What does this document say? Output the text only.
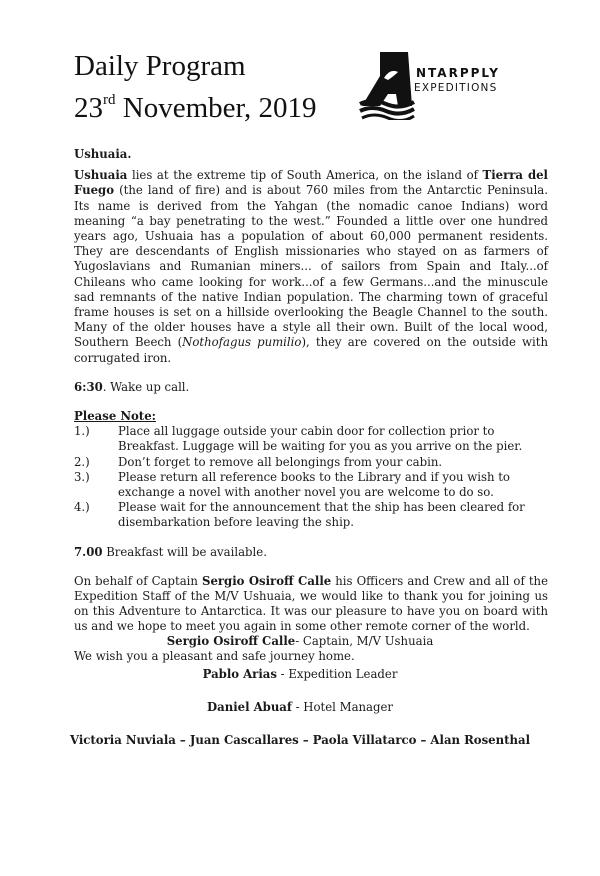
Daily Program
23rd November, 2019
NTARPPLY
EXPEDITIONS

Ushuaia.

Ushuaia lies at the extreme tip of South America, on the island of Tierra del Fuego (the land of fire) and is about 760 miles from the Antarctic Peninsula. Its name is derived from the Yahgan (the nomadic canoe Indians) word meaning “a bay penetrating to the west.” Founded a little over one hundred years ago, Ushuaia has a population of about 60,000 permanent residents. They are descendants of English missionaries who stayed on as farmers of Yugoslavians and Rumanian miners... of sailors from Spain and Italy...of Chileans who came looking for work...of a few Germans...and the minuscule sad remnants of the native Indian population. The charming town of graceful frame houses is set on a hillside overlooking the Beagle Channel to the south. Many of the older houses have a style all their own. Built of the local wood, Southern Beech (Nothofagus pumilio), they are covered on the outside with corrugated iron.

6:30. Wake up call.

Please Note:

1.)	Place all luggage outside your cabin door for collection prior to Breakfast. Luggage will be waiting for you as you arrive on the pier.
2.)	Don’t forget to remove all belongings from your cabin.
3.)	Please return all reference books to the Library and if you wish to exchange a novel with another novel you are welcome to do so.
4.)	Please wait for the announcement that the ship has been cleared for disembarkation before leaving the ship.

7.00 Breakfast will be available.

On behalf of Captain Sergio Osiroff Calle his Officers and Crew and all of the Expedition Staff of the M/V Ushuaia, we would like to thank you for joining us on this Adventure to Antarctica. It was our pleasure to have you on board with us and we hope to meet you again in some other remote corner of the world.

We wish you a pleasant and safe journey home.

Sergio Osiroff Calle- Captain, M/V Ushuaia
Pablo Arias - Expedition Leader
Daniel Abuaf - Hotel Manager
Victoria Nuviala – Juan Cascallares – Paola Villatarco – Alan Rosenthal
